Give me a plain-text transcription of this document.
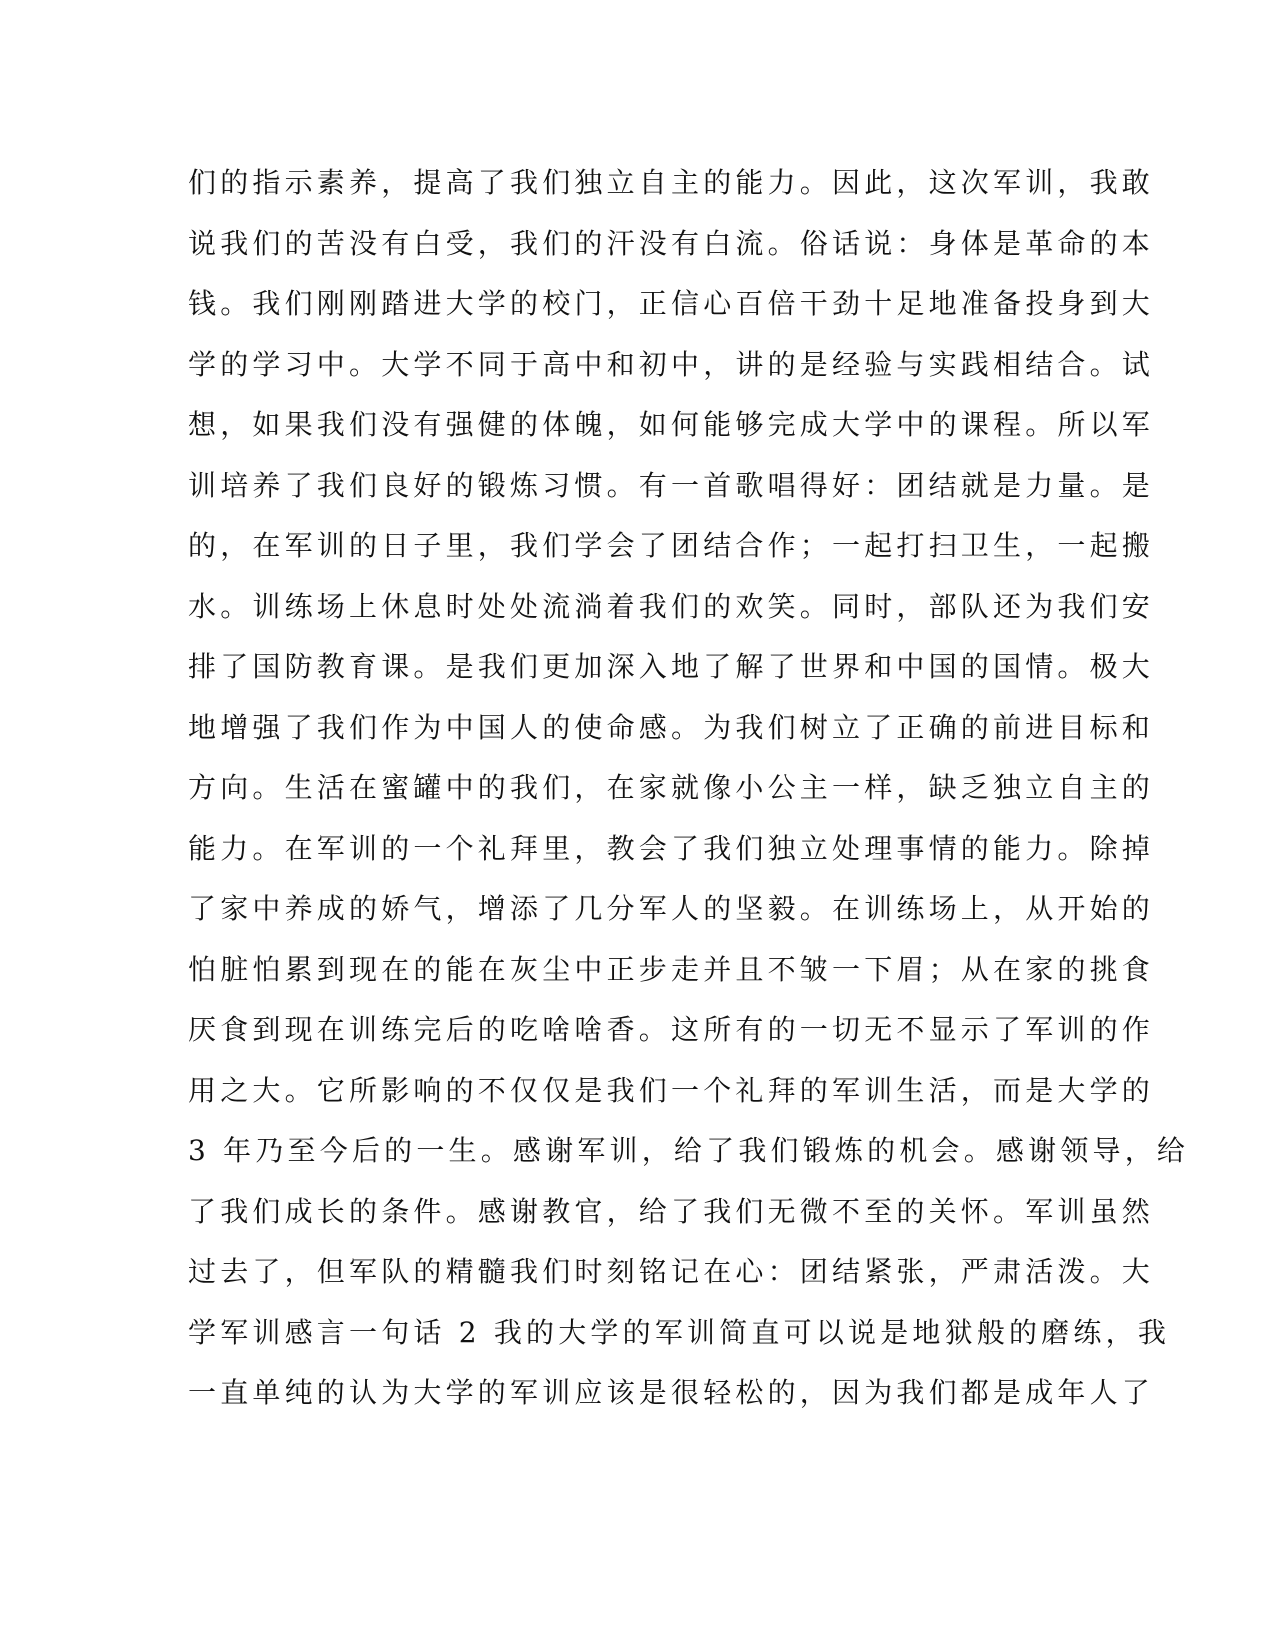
们的指示素养，提高了我们独立自主的能力。因此，这次军训，我敢
说我们的苦没有白受，我们的汗没有白流。俗话说：身体是革命的本
钱。我们刚刚踏进大学的校门，正信心百倍干劲十足地准备投身到大
学的学习中。大学不同于高中和初中，讲的是经验与实践相结合。试
想，如果我们没有强健的体魄，如何能够完成大学中的课程。所以军
训培养了我们良好的锻炼习惯。有一首歌唱得好：团结就是力量。是
的，在军训的日子里，我们学会了团结合作；一起打扫卫生，一起搬
水。训练场上休息时处处流淌着我们的欢笑。同时，部队还为我们安
排了国防教育课。是我们更加深入地了解了世界和中国的国情。极大
地增强了我们作为中国人的使命感。为我们树立了正确的前进目标和
方向。生活在蜜罐中的我们，在家就像小公主一样，缺乏独立自主的
能力。在军训的一个礼拜里，教会了我们独立处理事情的能力。除掉
了家中养成的娇气，增添了几分军人的坚毅。在训练场上，从开始的
怕脏怕累到现在的能在灰尘中正步走并且不皱一下眉；从在家的挑食
厌食到现在训练完后的吃啥啥香。这所有的一切无不显示了军训的作
用之大。它所影响的不仅仅是我们一个礼拜的军训生活，而是大学的
3 年乃至今后的一生。感谢军训，给了我们锻炼的机会。感谢领导，给
了我们成长的条件。感谢教官，给了我们无微不至的关怀。军训虽然
过去了，但军队的精髓我们时刻铭记在心：团结紧张，严肃活泼。大
学军训感言一句话 2 我的大学的军训简直可以说是地狱般的磨练，我
一直单纯的认为大学的军训应该是很轻松的，因为我们都是成年人了
